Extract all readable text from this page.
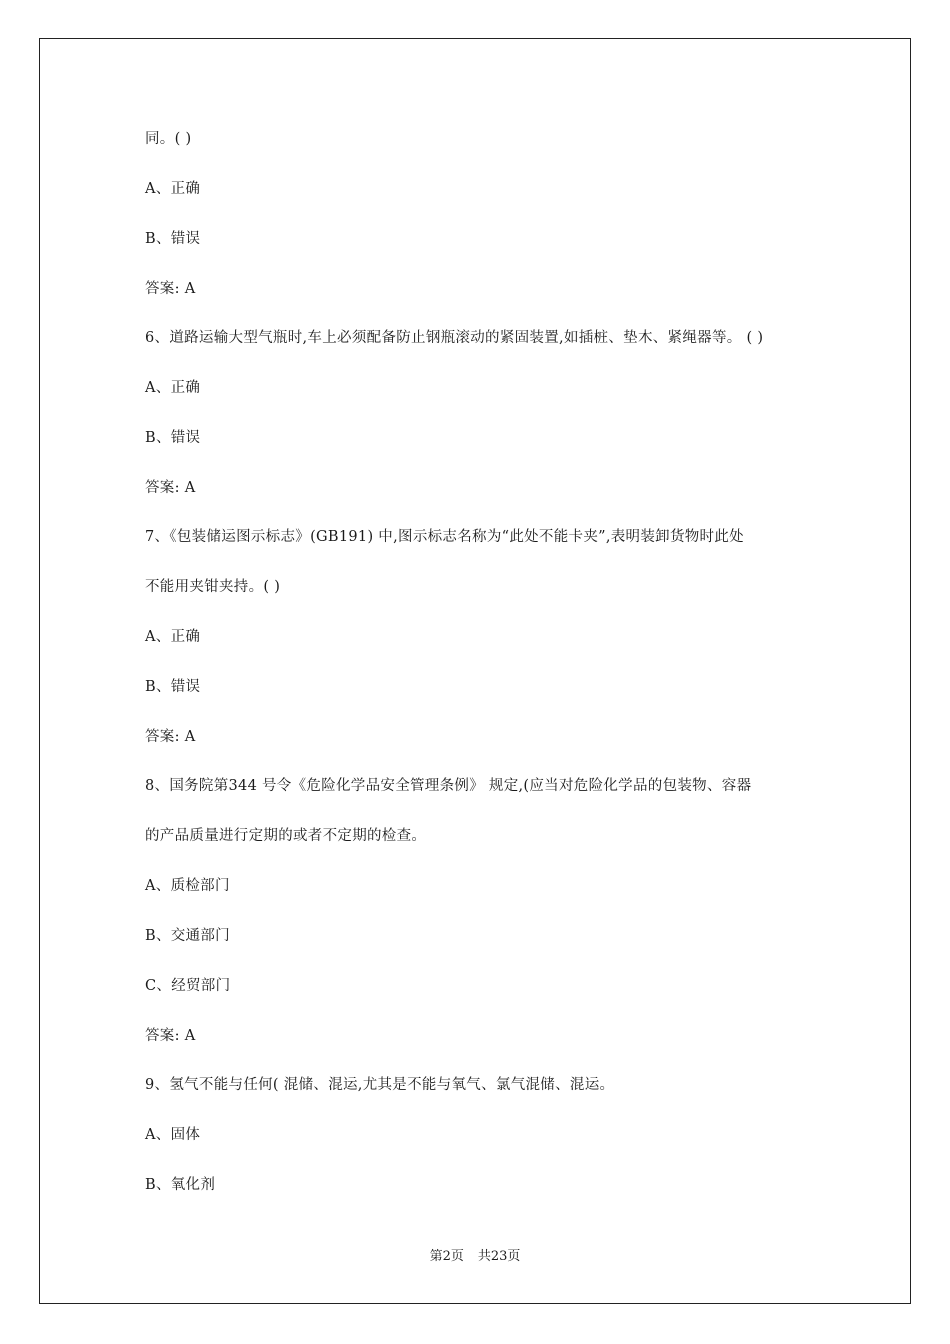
同。( )
A、正确
B、错误
答案: A
6、道路运输大型气瓶时,车上必须配备防止钢瓶滚动的紧固装置,如插桩、垫木、紧绳器等。 ( )
A、正确
B、错误
答案: A
7、《包装储运图示标志》(GB191) 中,图示标志名称为“此处不能卡夹”,表明装卸货物时此处
不能用夹钳夹持。( )
A、正确
B、错误
答案: A
8、国务院第344 号令《危险化学品安全管理条例》 规定,(应当对危险化学品的包装物、容器
的产品质量进行定期的或者不定期的检查。
A、质检部门
B、交通部门
C、经贸部门
答案: A
9、氢气不能与任何( 混储、混运,尤其是不能与氧气、氯气混储、混运。
A、固体
B、氧化剂
第2页 共23页
